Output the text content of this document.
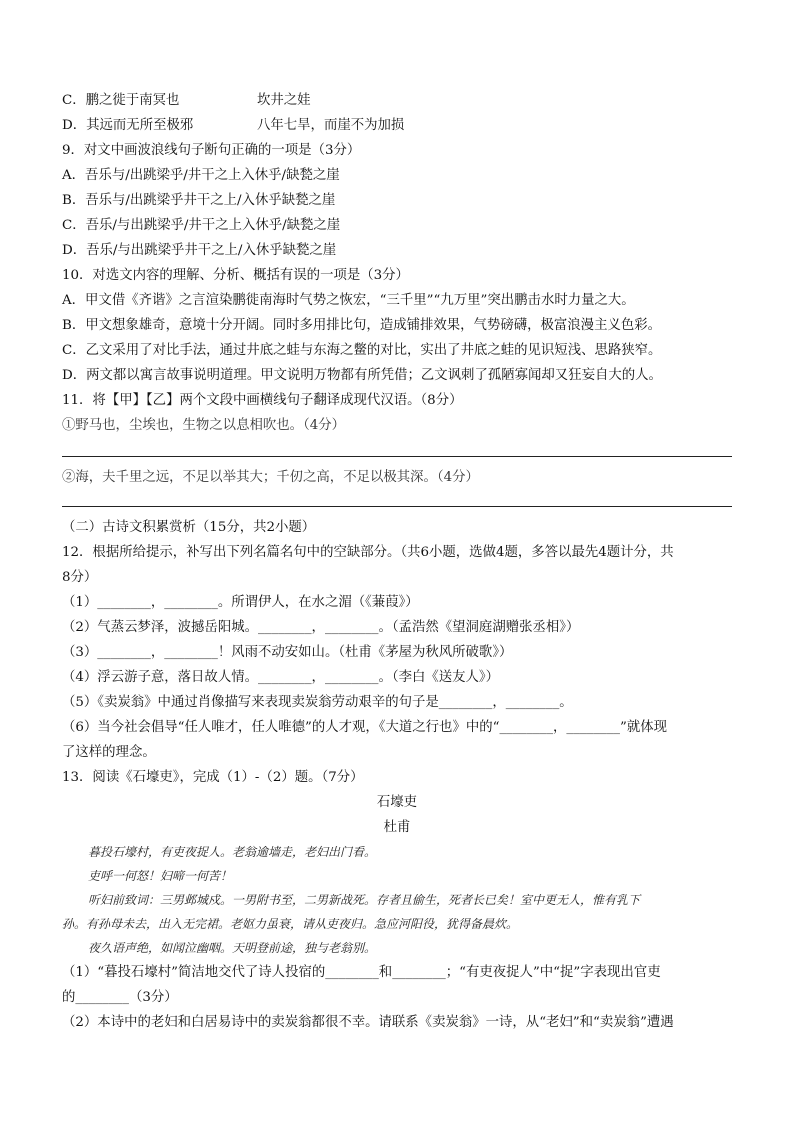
C．鹏之徙于南冥也	坎井之娃
D．其远而无所至极邪	八年七旱，而崖不为加损
9．对文中画波浪线句子断句正确的一项是（3分）
A．吾乐与/出跳梁乎/井干之上入休乎/缺甃之崖
B．吾乐与/出跳梁乎井干之上/入休乎缺甃之崖
C．吾乐/与出跳梁乎/井干之上入休乎/缺甃之崖
D．吾乐/与出跳梁乎井干之上/入休乎缺甃之崖
10．对选文内容的理解、分析、概括有误的一项是（3分）
A．甲文借《齐谐》之言渲染鹏徙南海时气势之恢宏，“三千里”“九万里”突出鹏击水时力量之大。
B．甲文想象雄奇，意境十分开阔。同时多用排比句，造成铺排效果，气势磅礴，极富浪漫主义色彩。
C．乙文采用了对比手法，通过井底之蛙与东海之鳖的对比，实出了井底之蛙的见识短浅、思路狭窄。
D．两文都以寓言故事说明道理。甲文说明万物都有所凭借；乙文讽刺了孤陋寡闻却又狂妄自大的人。
11．将【甲】【乙】两个文段中画横线句子翻译成现代汉语。（8分）
①野马也，尘埃也，生物之以息相吹也。（4分）
②海，夫千里之远，不足以举其大；千仞之高，不足以极其深。（4分）
（二）古诗文积累赏析（15分，共2小题）
12．根据所给提示，补写出下列名篇名句中的空缺部分。（共6小题，选做4题，多答以最先4题计分，共
8分）
（1）________，________。所谓伊人，在水之湄（《蒹葭》）
（2）气蒸云梦泽，波撼岳阳城。________，________。（孟浩然《望洞庭湖赠张丞相》）
（3）________，________！风雨不动安如山。（杜甫《茅屋为秋风所破歌》）
（4）浮云游子意，落日故人情。________，________。（李白《送友人》）
（5）《卖炭翁》中通过肖像描写来表现卖炭翁劳动艰辛的句子是________，________。
（6）当今社会倡导“任人唯才，任人唯德”的人才观，《大道之行也》中的“________，________”就体现
了这样的理念。
13．阅读《石壕吏》，完成（1）-（2）题。（7分）
石壕吏
杜甫
暮投石壕村，有吏夜捉人。老翁逾墙走，老妇出门看。
吏呼一何怒！妇啼一何苦！
听妇前致词：三男邺城戍。一男附书至，二男新战死。存者且偷生，死者长已矣！室中更无人，惟有乳下
孙。有孙母未去，出入无完裙。老妪力虽衰，请从吏夜归。急应河阳役，犹得备晨炊。
夜久语声绝，如闻泣幽咽。天明登前途，独与老翁别。
（1）“暮投石壕村”简洁地交代了诗人投宿的________和________；“有吏夜捉人”中“捉”字表现出官吏
的________（3分）
（2）本诗中的老妇和白居易诗中的卖炭翁都很不幸。请联系《卖炭翁》一诗，从“老妇”和“卖炭翁”遭遇
